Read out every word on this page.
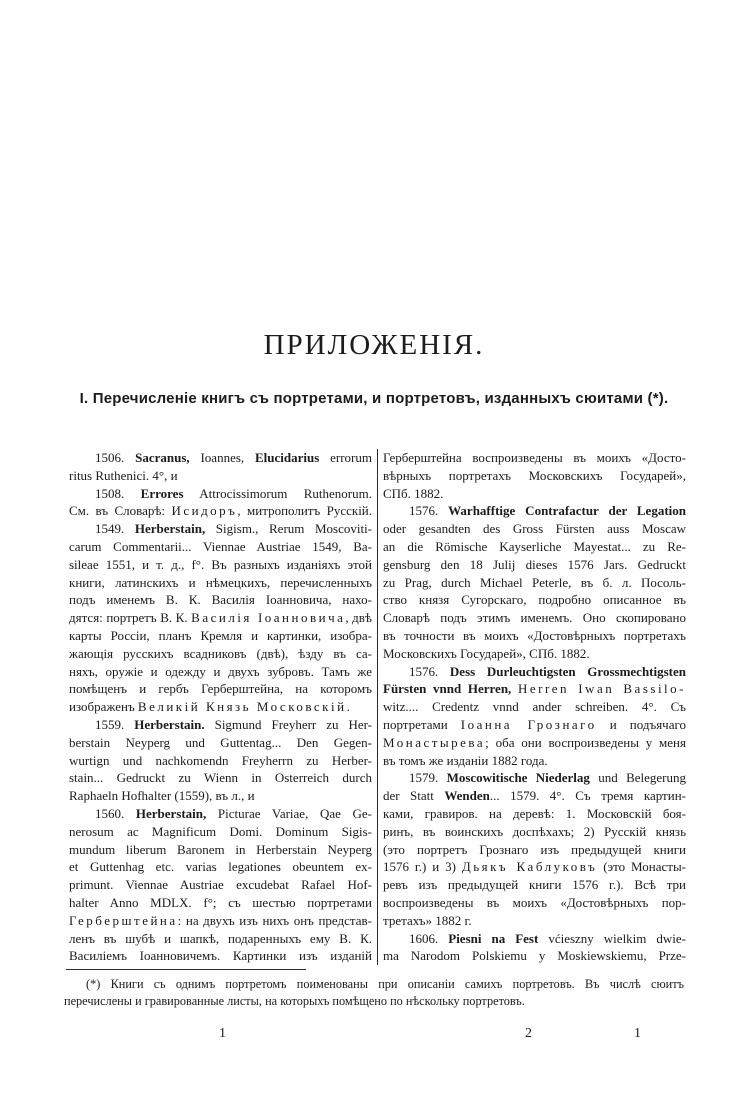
ПРИЛОЖЕНІЯ.
I. Перечисленіе книгъ съ портретами, и портретовъ, изданныхъ сюитами (*).
1506. Sacranus, Ioannes, Elucidarius errorum
ritus Ruthenici. 4°, и
1508. Errores Attrocissimorum Ruthenorum.
См. въ Словарѣ: Исидоръ, митрополитъ Русскій.
1549. Herberstain, Sigism., Rerum Moscoviti-
carum Commentarii... Viennae Austriae 1549, Ba-
sileae 1551, и т. д., f°. Въ разныхъ изданіяхъ этой
книги, латинскихъ и нѣмецкихъ, перечисленныхъ
подъ именемъ В. К. Василія Іоанновича, нахо-
дятся: портретъ В. К. Василія Іоанновича, двѣ
карты Россіи, планъ Кремля и картинки, изобра-
жающія русскихъ всадниковъ (двѣ), ѣзду въ са-
няхъ, оружіе и одежду и двухъ зубровъ. Тамъ же
помѣщенъ и гербъ Герберштейна, на которомъ
изображенъ Великій Князь Московскій.
1559. Herberstain. Sigmund Freyherr zu Her-
berstain Neyperg und Guttentag... Den Gegen-
wurtign und nachkomendn Freyherrn zu Herber-
stain... Gedruckt zu Wienn in Osterreich durch
Raphaeln Hofhalter (1559), въ л., и
1560. Herberstain, Picturae Variae, Qae Ge-
nerosum ac Magnificum Domi. Dominum Sigis-
mundum liberum Baronem in Herberstain Neyperg
et Guttenhag etc. varias legationes obeuntem ex-
primunt. Viennae Austriae excudebat Rafael Hof-
halter Anno MDLX. f°; съ шестью портретами
Герберштейна: на двухъ изъ нихъ онъ представ-
ленъ въ шубѣ и шапкѣ, подаренныхъ ему В. К.
Василіемъ Іоанновичемъ. Картинки изъ изданій
Герберштейна воспроизведены въ моихъ «Досто-
вѣрныхъ портретахъ Московскихъ Государей»,
СПб. 1882.
1576. Warhafftige Contrafactur der Legation
oder gesandten des Gross Fürsten auss Moscaw
an die Römische Kayserliche Mayestat... zu Re-
gensburg den 18 Julij dieses 1576 Jars. Gedruckt
zu Prag, durch Michael Peterle, въ б. л. Посоль-
ство князя Сугорскаго, подробно описанное въ
Словарѣ подъ этимъ именемъ. Оно скопировано
въ точности въ моихъ «Достовѣрныхъ портретахъ
Московскихъ Государей», СПб. 1882.
1576. Dess Durleuchtigsten Grossmechtigsten
Fürsten vnnd Herren, Herren Iwan Bassilo-
witz.... Credentz vnnd ander schreiben. 4°. Съ
портретами Іоанна Грознаго и подъячаго
Монастырева; оба они воспроизведены у меня
въ томъ же изданіи 1882 года.
1579. Moscowitische Niederlag und Belegerung
der Statt Wenden... 1579. 4°. Съ тремя картин-
ками, гравиров. на деревѣ: 1. Московскій боя-
ринъ, въ воинскихъ доспѣхахъ; 2) Русскій князь
(это портретъ Грознаго изъ предыдущей книги
1576 г.) и 3) Дьякъ Каблуковъ (это Монасты-
ревъ изъ предыдущей книги 1576 г.). Всѣ три
воспроизведены въ моихъ «Достовѣрныхъ пор-
третахъ» 1882 г.
1606. Piesni na Fest vćieszny wielkim dwie-
ma Narodom Polskiemu y Moskiewskiemu, Prze-
(*) Книги съ однимъ портретомъ поименованы при описаніи самихъ портретовъ. Въ числѣ сюитъ
перечислены и гравированные листы, на которыхъ помѣщено по нѣскольку портретовъ.
1	2	1
